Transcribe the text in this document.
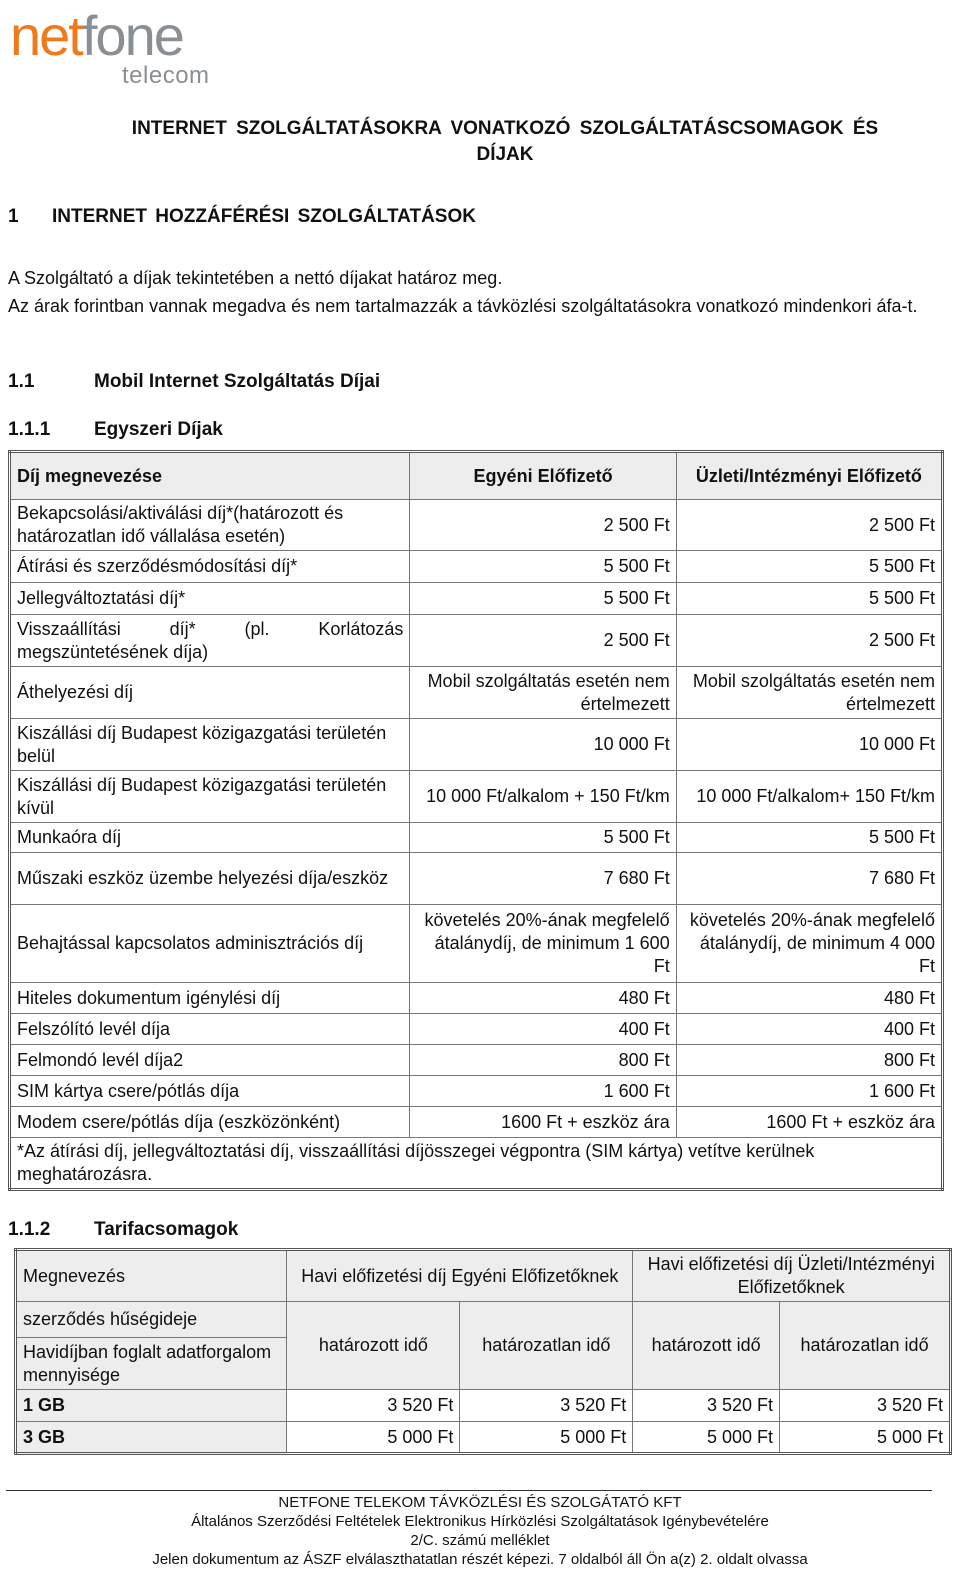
netfone
telecom
INTERNET SZOLGÁLTATÁSOKRA VONATKOZÓ SZOLGÁLTATÁSCSOMAGOK ÉS
DÍJAK
1 INTERNET HOZZÁFÉRÉSI SZOLGÁLTATÁSOK

A Szolgáltató a díjak tekintetében a nettó díjakat határoz meg.

Az árak forintban vannak megadva és nem tartalmazzák a távközlési szolgáltatásokra vonatkozó mindenkori áfa-t.

1.1	Mobil Internet Szolgáltatás Díjai
1.1.1 Egyszeri Díjak
Díj megnevezése	Egyéni Előfizető	Üzleti/Intézményi Előfizető
Bekapcsolási/aktiválási díj*(határozott és határozatlan idő vállalása esetén)	2 500 Ft	2 500 Ft
Átírási és szerződésmódosítási díj*	5 500 Ft	5 500 Ft
Jellegváltoztatási díj*	5 500 Ft	5 500 Ft
Visszaállítási díj* (pl. Korlátozás megszüntetésének díja)	2 500 Ft	2 500 Ft
Áthelyezési díj	Mobil szolgáltatás esetén nem értelmezett	Mobil szolgáltatás esetén nem értelmezett
Kiszállási díj Budapest közigazgatási területén belül	10 000 Ft	10 000 Ft
Kiszállási díj Budapest közigazgatási területén kívül	10 000 Ft/alkalom + 150 Ft/km	10 000 Ft/alkalom+ 150 Ft/km
Munkaóra díj	5 500 Ft	5 500 Ft
Műszaki eszköz üzembe helyezési díja/eszköz	7 680 Ft	7 680 Ft
Behajtással kapcsolatos adminisztrációs díj	követelés 20%-ának megfelelő átalánydíj, de minimum 1 600 Ft	követelés 20%-ának megfelelő átalánydíj, de minimum 4 000 Ft
Hiteles dokumentum igénylési díj	480 Ft	480 Ft
Felszólító levél díja	400 Ft	400 Ft
Felmondó levél díja2	800 Ft	800 Ft
SIM kártya csere/pótlás díja	1 600 Ft	1 600 Ft
Modem csere/pótlás díja (eszközönként)	1600 Ft + eszköz ára	1600 Ft + eszköz ára
*Az átírási díj, jellegváltoztatási díj, visszaállítási díjösszegei végpontra (SIM kártya) vetítve kerülnek meghatározásra.		
1.1.2 Tarifacsomagok
Megnevezés	Havi előfizetési díj Egyéni Előfizetőknek		Havi előfizetési díj Üzleti/Intézményi Előfizetőknek	
szerződés hűségideje	határozott idő	határozatlan idő	határozott idő	határozatlan idő
Havidíjban foglalt adatforgalom mennyisége				
1 GB	3 520 Ft	3 520 Ft	3 520 Ft	3 520 Ft
3 GB	5 000 Ft	5 000 Ft	5 000 Ft	5 000 Ft
NETFONE TELEKOM TÁVKÖZLÉSI ÉS SZOLGÁTATÓ KFT
Általános Szerződési Feltételek Elektronikus Hírközlési Szolgáltatások Igénybevételére
2/C. számú melléklet
Jelen dokumentum az ÁSZF elválaszthatatlan részét képezi. 7 oldalból áll Ön a(z) 2. oldalt olvassa
